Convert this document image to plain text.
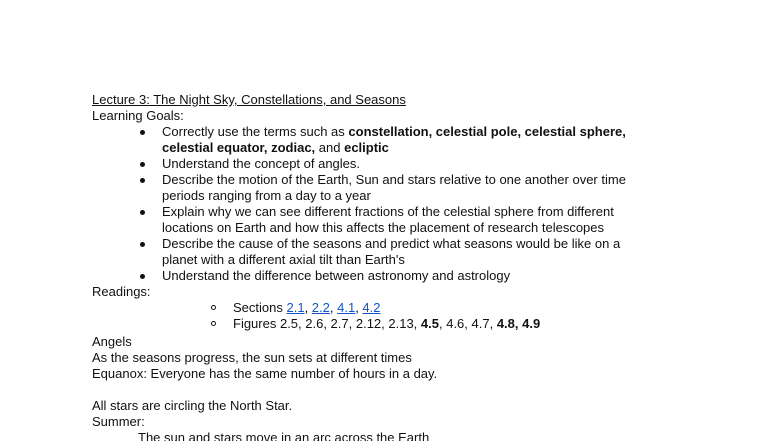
Lecture 3: The Night Sky, Constellations, and Seasons
Learning Goals:
Correctly use the terms such as constellation, celestial pole, celestial sphere,
celestial equator, zodiac, and ecliptic
Understand the concept of angles.
Describe the motion of the Earth, Sun and stars relative to one another over time
periods ranging from a day to a year
Explain why we can see different fractions of the celestial sphere from different
locations on Earth and how this affects the placement of research telescopes
Describe the cause of the seasons and predict what seasons would be like on a
planet with a different axial tilt than Earth's
Understand the difference between astronomy and astrology
Readings:
Sections 2.1, 2.2, 4.1, 4.2
Figures 2.5, 2.6, 2.7, 2.12, 2.13, 4.5, 4.6, 4.7, 4.8, 4.9
Angels
As the seasons progress, the sun sets at different times
Equanox: Everyone has the same number of hours in a day.
All stars are circling the North Star.
Summer:
The sun and stars move in an arc across the Earth
